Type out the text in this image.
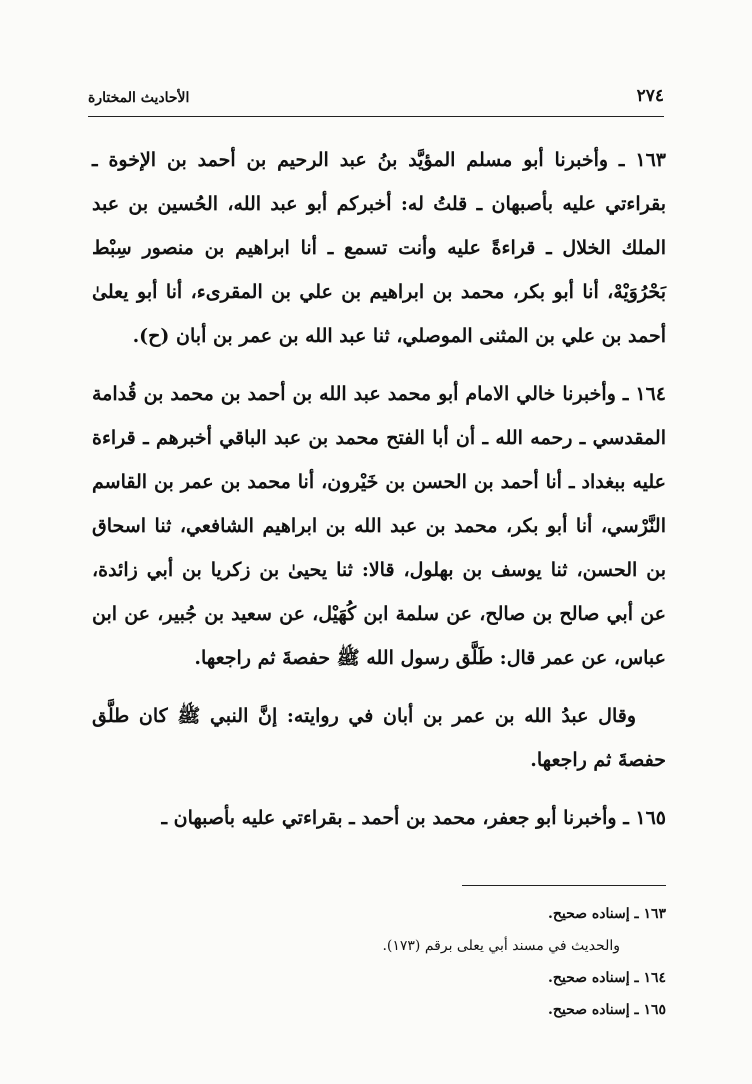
الأحاديث المختارة	٢٧٤

١٦٣ ـ وأخبرنا أبو مسلم المؤيَّد بنُ عبد الرحيم بن أحمد بن الإخوة ـ بقراءتي عليه بأصبهان ـ قلتُ له: أخبركم أبو عبد الله، الحُسين بن عبد الملك الخلال ـ قراءةً عليه وأنت تسمع ـ أنا ابراهيم بن منصور سِبْط بَحْرُوَيْهْ، أنا أبو بكر، محمد بن ابراهيم بن علي بن المقرىء، أنا أبو يعلىٰ أحمد بن علي بن المثنى الموصلي، ثنا عبد الله بن عمر بن أبان (ح).

١٦٤ ـ وأخبرنا خالي الامام أبو محمد عبد الله بن أحمد بن محمد بن قُدامة المقدسي ـ رحمه الله ـ أن أبا الفتح محمد بن عبد الباقي أخبرهم ـ قراءة عليه ببغداد ـ أنا أحمد بن الحسن بن خَيْرون، أنا محمد بن عمر بن القاسم النَّرْسي، أنا أبو بكر، محمد بن عبد الله بن ابراهيم الشافعي، ثنا اسحاق بن الحسن، ثنا يوسف بن بهلول، قالا: ثنا يحيىٰ بن زكريا بن أبي زائدة، عن أبي صالح بن صالح، عن سلمة ابن كُهَيْل، عن سعيد بن جُبير، عن ابن عباس، عن عمر قال: طَلَّق رسول الله ﷺ حفصةَ ثم راجعها.

وقال عبدُ الله بن عمر بن أبان في روايته: إنَّ النبي ﷺ كان طلَّق حفصةَ ثم راجعها.

١٦٥ ـ وأخبرنا أبو جعفر، محمد بن أحمد ـ بقراءتي عليه بأصبهان ـ

١٦٣ ـ إسناده صحيح.

والحديث في مسند أبي يعلى برقم (١٧٣).

١٦٤ ـ إسناده صحيح.

١٦٥ ـ إسناده صحيح.
